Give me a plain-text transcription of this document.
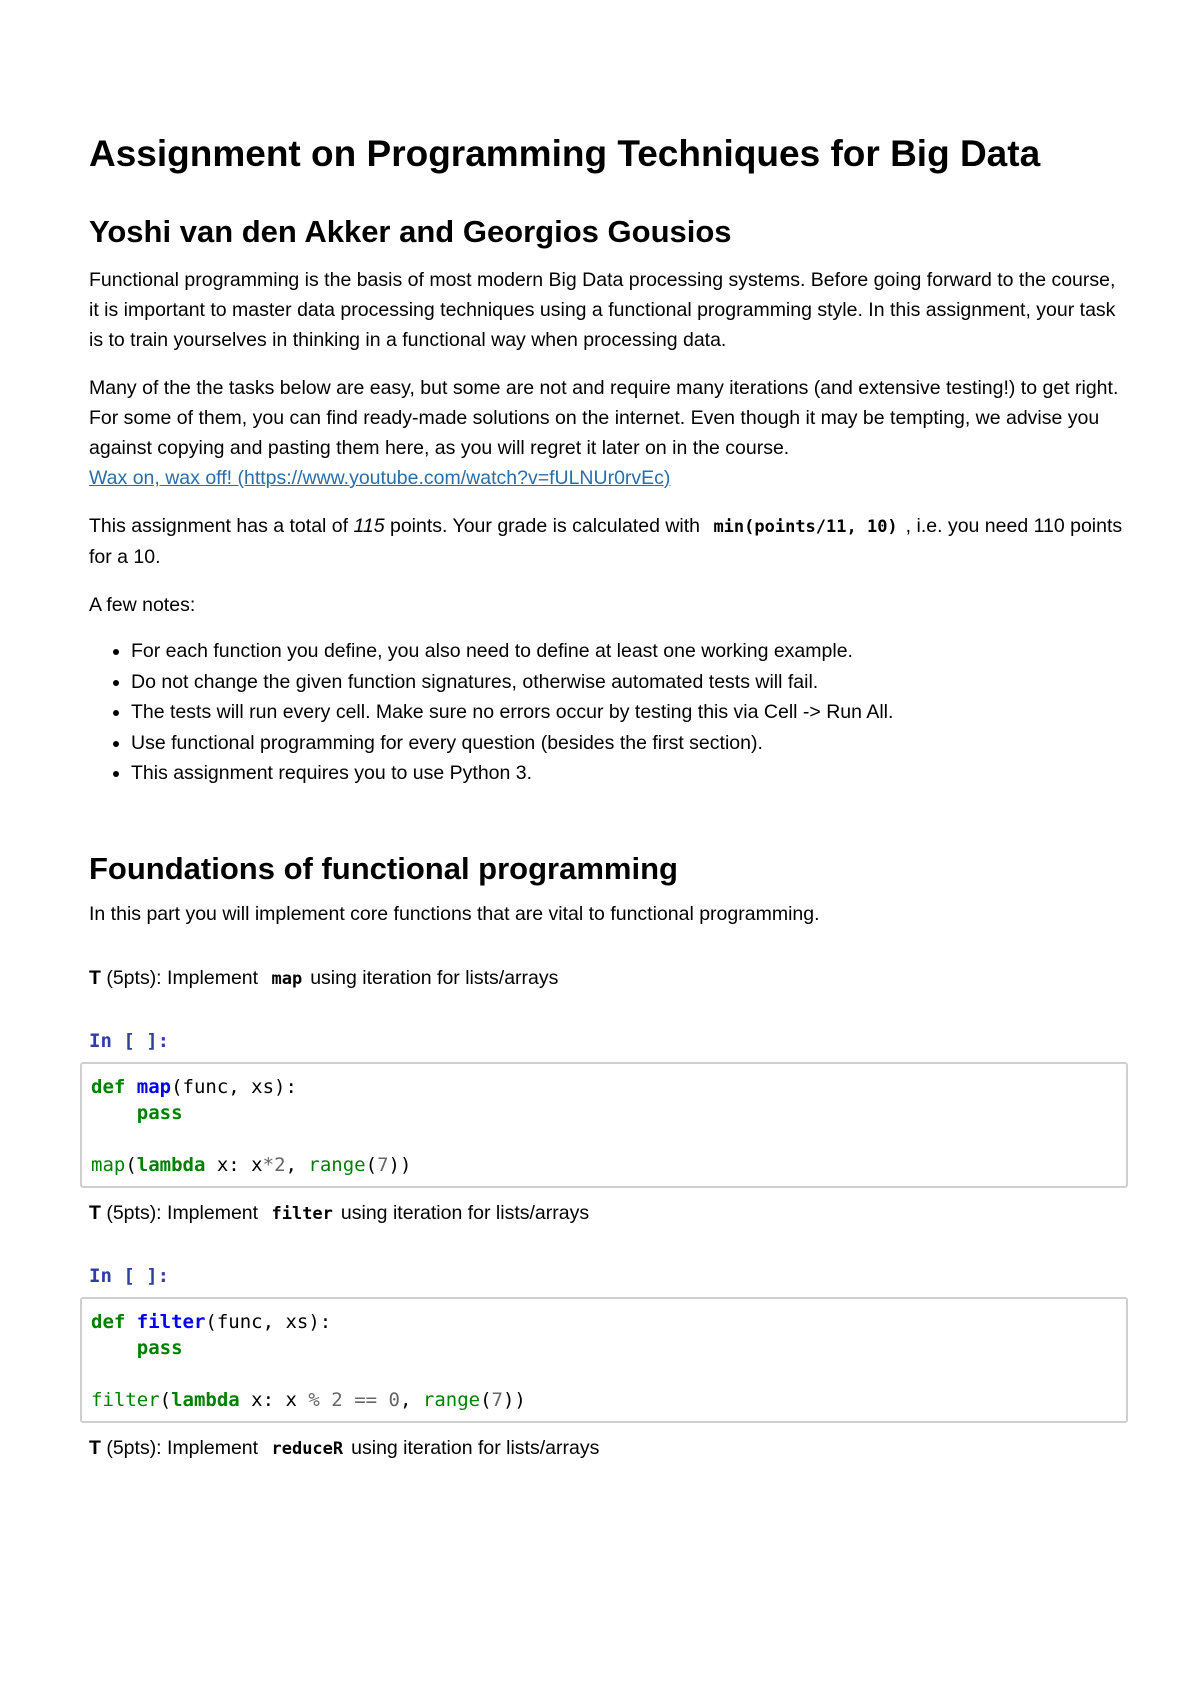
Assignment on Programming Techniques for Big Data
Yoshi van den Akker and Georgios Gousios

Functional programming is the basis of most modern Big Data processing systems. Before going forward to the course, it is important to master data processing techniques using a functional programming style. In this assignment, your task is to train yourselves in thinking in a functional way when processing data.

Many of the the tasks below are easy, but some are not and require many iterations (and extensive testing!) to get right. For some of them, you can find ready-made solutions on the internet. Even though it may be tempting, we advise you against copying and pasting them here, as you will regret it later on in the course.
Wax on, wax off! (https://www.youtube.com/watch?v=fULNUr0rvEc)

This assignment has a total of 115 points. Your grade is calculated with min(points/11, 10) , i.e. you need 110 points for a 10.

A few notes:

• For each function you define, you also need to define at least one working example.
• Do not change the given function signatures, otherwise automated tests will fail.
• The tests will run every cell. Make sure no errors occur by testing this via Cell -> Run All.
• Use functional programming for every question (besides the first section).
• This assignment requires you to use Python 3.
Foundations of functional programming

In this part you will implement core functions that are vital to functional programming.

T (5pts): Implement map using iteration for lists/arrays

In [ ]:
def map(func, xs):
pass

map(lambda x: x*2, range(7))

T (5pts): Implement filter using iteration for lists/arrays

In [ ]:
def filter(func, xs):
pass

filter(lambda x: x % 2 == 0, range(7))

T (5pts): Implement reduceR using iteration for lists/arrays
